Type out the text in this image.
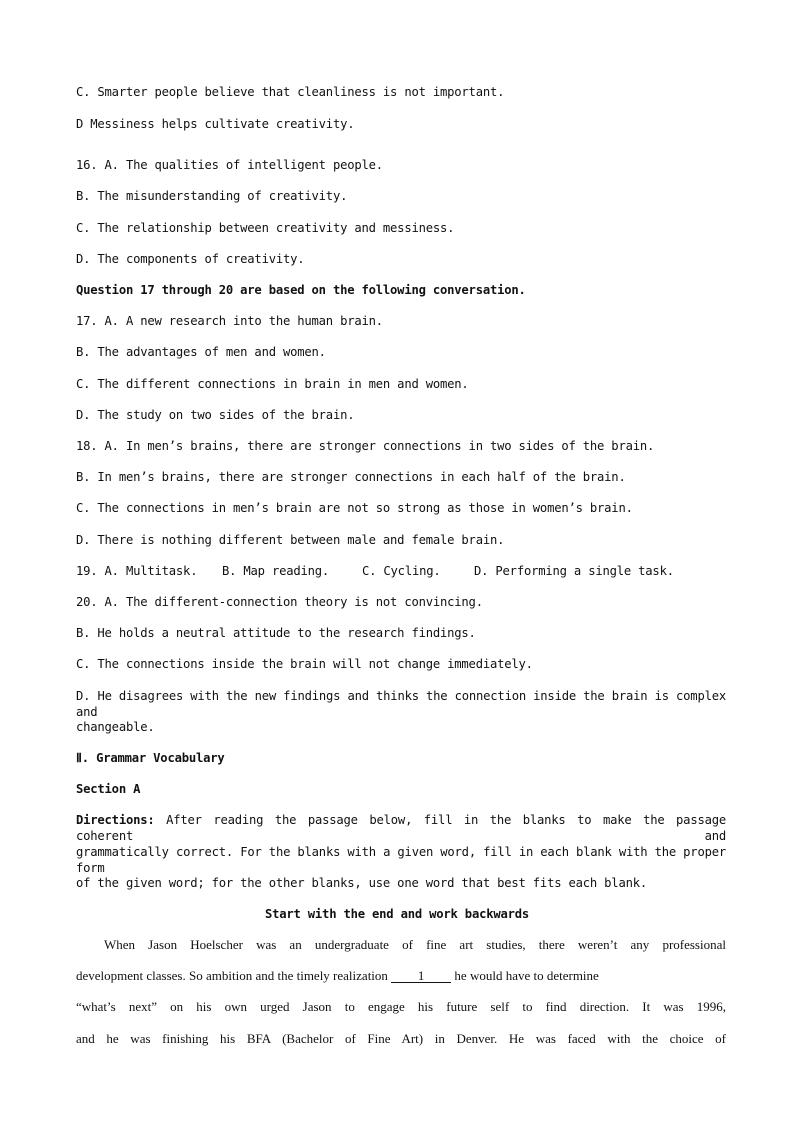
C. Smarter people believe that cleanliness is not important.
D Messiness helps cultivate creativity.
16. A. The qualities of intelligent people.
B. The misunderstanding of creativity.
C. The relationship between creativity and messiness.
D. The components of creativity.
Question 17 through 20 are based on the following conversation.
17. A. A new research into the human brain.
B. The advantages of men and women.
C. The different connections in brain in men and women.
D. The study on two sides of the brain.
18. A. In men’s brains, there are stronger connections in two sides of the brain.
B. In men’s brains, there are stronger connections in each half of the brain.
C. The connections in men’s brain are not so strong as those in women’s brain.
D. There is nothing different between male and female brain.
19. A. Multitask. B. Map reading.	C. Cycling.	D. Performing a single task.
20. A. The different-connection theory is not convincing.
B. He holds a neutral attitude to the research findings.
C. The connections inside the brain will not change immediately.
D. He disagrees with the new findings and thinks the connection inside the brain is complex and
changeable.
Ⅱ. Grammar Vocabulary
Section A
Directions: After reading the passage below, fill in the blanks to make the passage coherent and
grammatically correct. For the blanks with a given word, fill in each blank with the proper form
of the given word; for the other blanks, use one word that best fits each blank.
Start with the end and work backwards
When Jason Hoelscher was an undergraduate of fine art studies, there weren’t any professional
development classes. So ambition and the timely realization 1 he would have to determine
“what’s next” on his own urged Jason to engage his future self to find direction. It was 1996,
and he was finishing his BFA (Bachelor of Fine Art) in Denver. He was faced with the choice of
